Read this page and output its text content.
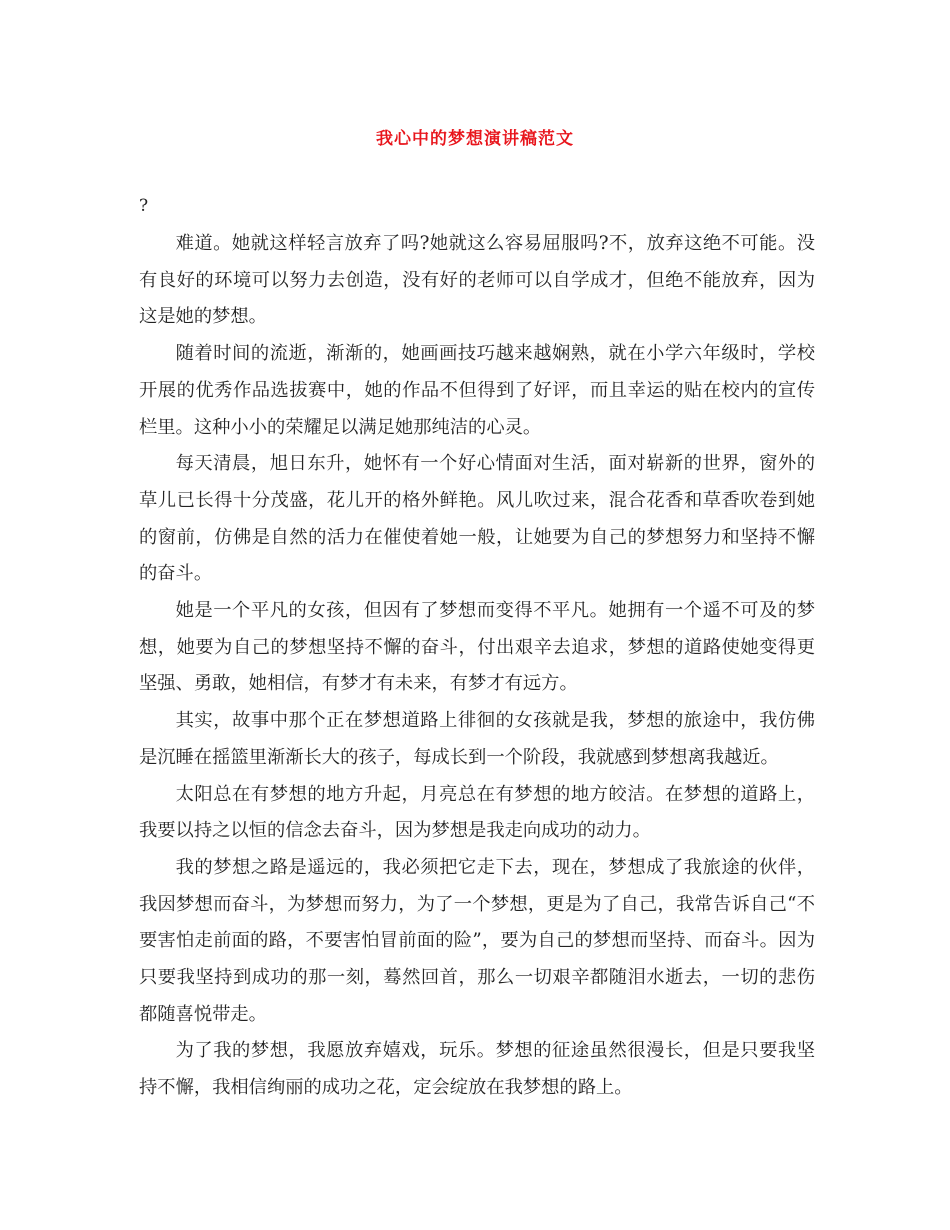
我心中的梦想演讲稿范文
?

难道。她就这样轻言放弃了吗?她就这么容易屈服吗?不，放弃这绝不可能。没有良好的环境可以努力去创造，没有好的老师可以自学成才，但绝不能放弃，因为这是她的梦想。

随着时间的流逝，渐渐的，她画画技巧越来越娴熟，就在小学六年级时，学校开展的优秀作品选拔赛中，她的作品不但得到了好评，而且幸运的贴在校内的宣传栏里。这种小小的荣耀足以满足她那纯洁的心灵。

每天清晨，旭日东升，她怀有一个好心情面对生活，面对崭新的世界，窗外的草儿已长得十分茂盛，花儿开的格外鲜艳。风儿吹过来，混合花香和草香吹卷到她的窗前，仿佛是自然的活力在催使着她一般，让她要为自己的梦想努力和坚持不懈的奋斗。

她是一个平凡的女孩，但因有了梦想而变得不平凡。她拥有一个遥不可及的梦想，她要为自己的梦想坚持不懈的奋斗，付出艰辛去追求，梦想的道路使她变得更坚强、勇敢，她相信，有梦才有未来，有梦才有远方。

其实，故事中那个正在梦想道路上徘徊的女孩就是我，梦想的旅途中，我仿佛是沉睡在摇篮里渐渐长大的孩子，每成长到一个阶段，我就感到梦想离我越近。

太阳总在有梦想的地方升起，月亮总在有梦想的地方皎洁。在梦想的道路上，我要以持之以恒的信念去奋斗，因为梦想是我走向成功的动力。

我的梦想之路是遥远的，我必须把它走下去，现在，梦想成了我旅途的伙伴，我因梦想而奋斗，为梦想而努力，为了一个梦想，更是为了自己，我常告诉自己“不要害怕走前面的路，不要害怕冒前面的险”，要为自己的梦想而坚持、而奋斗。因为只要我坚持到成功的那一刻，蓦然回首，那么一切艰辛都随泪水逝去，一切的悲伤都随喜悦带走。

为了我的梦想，我愿放弃嬉戏，玩乐。梦想的征途虽然很漫长，但是只要我坚持不懈，我相信绚丽的成功之花，定会绽放在我梦想的路上。
